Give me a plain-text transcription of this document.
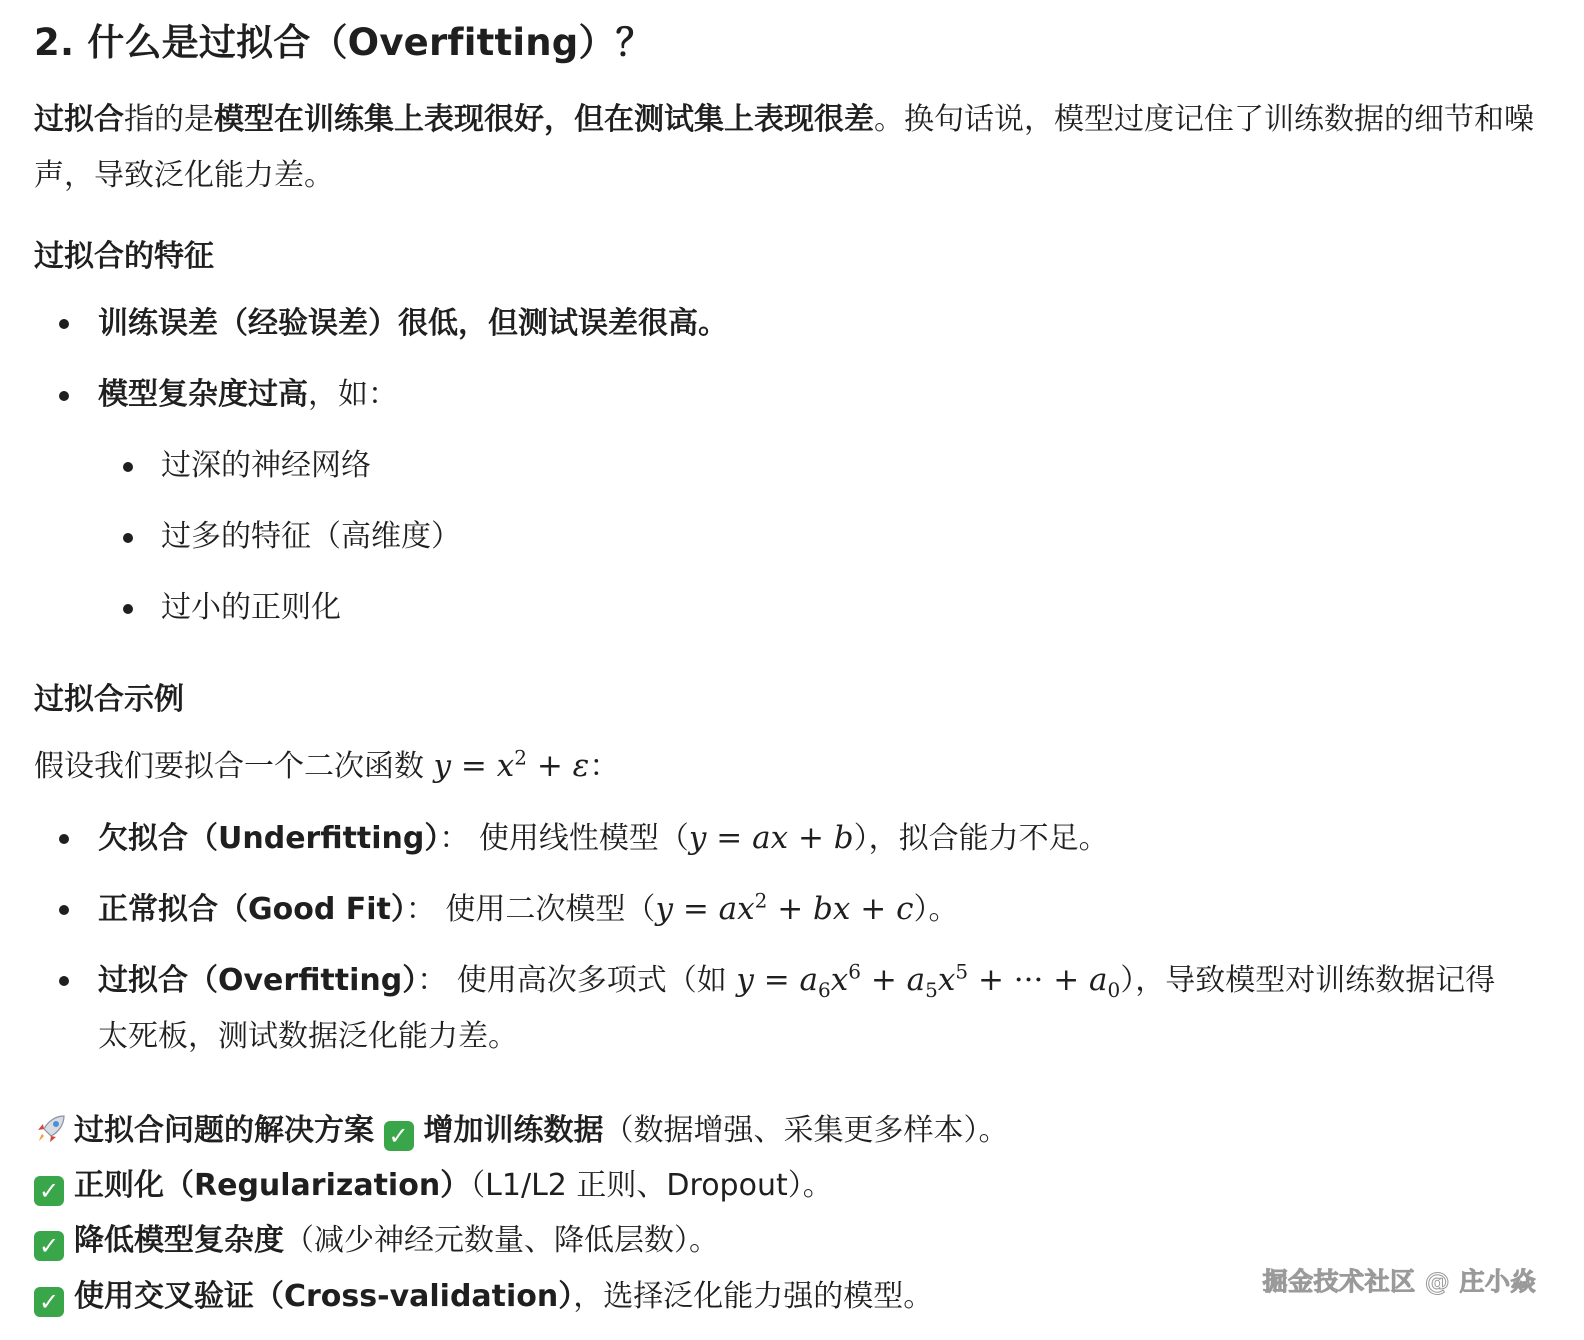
2. 什么是过拟合（Overfitting）？
过拟合指的是模型在训练集上表现很好，但在测试集上表现很差。换句话说，模型过度记住了训练数据的细节和噪声，导致泛化能力差。
过拟合的特征
训练误差（经验误差）很低，但测试误差很高。
模型复杂度过高，如：
过深的神经网络
过多的特征（高维度）
过小的正则化
过拟合示例
假设我们要拟合一个二次函数 $y = x^2 + \varepsilon$：
欠拟合（Underfitting）： 使用线性模型（y = ax + b），拟合能力不足。
正常拟合（Good Fit）： 使用二次模型（$y = ax^2$ + bx + c）。
过拟合（Overfitting）： 使用高次多项式（如 $y = a_6x^6 + a_5x^5$ + ··· + $a_0$），导致模型对训练数据记得太死板，测试数据泛化能力差。
过拟合问题的解决方案 ✓ 增加训练数据（数据增强、采集更多样本）。
✓ 正则化（Regularization）（L1/L2 正则、Dropout）。
✓ 降低模型复杂度（减少神经元数量、降低层数）。
✓ 使用交叉验证（Cross-validation），选择泛化能力强的模型。	掘金技术社区 @ 庄小焱
